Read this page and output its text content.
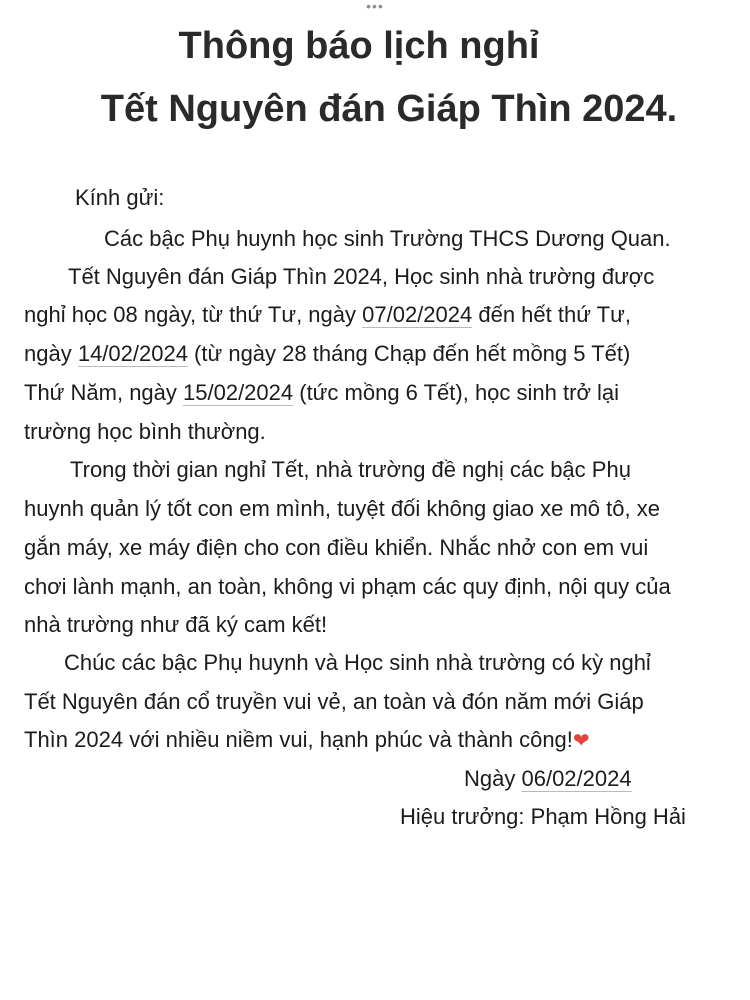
•••
Thông báo lịch nghỉ
Tết Nguyên đán Giáp Thìn 2024.
Kính gửi:
Các bậc Phụ huynh học sinh Trường THCS Dương Quan.
Tết Nguyên đán Giáp Thìn 2024, Học sinh nhà trường được
nghỉ học 08 ngày, từ thứ Tư, ngày 07/02/2024 đến hết thứ Tư,
ngày 14/02/2024 (từ ngày 28 tháng Chạp đến hết mồng 5 Tết)
Thứ Năm, ngày 15/02/2024 (tức mồng 6 Tết), học sinh trở lại
trường học bình thường.
Trong thời gian nghỉ Tết, nhà trường đề nghị các bậc Phụ
huynh quản lý tốt con em mình, tuyệt đối không giao xe mô tô, xe
gắn máy, xe máy điện cho con điều khiển. Nhắc nhở con em vui
chơi lành mạnh, an toàn, không vi phạm các quy định, nội quy của
nhà trường như đã ký cam kết!
Chúc các bậc Phụ huynh và Học sinh nhà trường có kỳ nghỉ
Tết Nguyên đán cổ truyền vui vẻ, an toàn và đón năm mới Giáp
Thìn 2024 với nhiều niềm vui, hạnh phúc và thành công!❤
Ngày 06/02/2024
Hiệu trưởng: Phạm Hồng Hải
